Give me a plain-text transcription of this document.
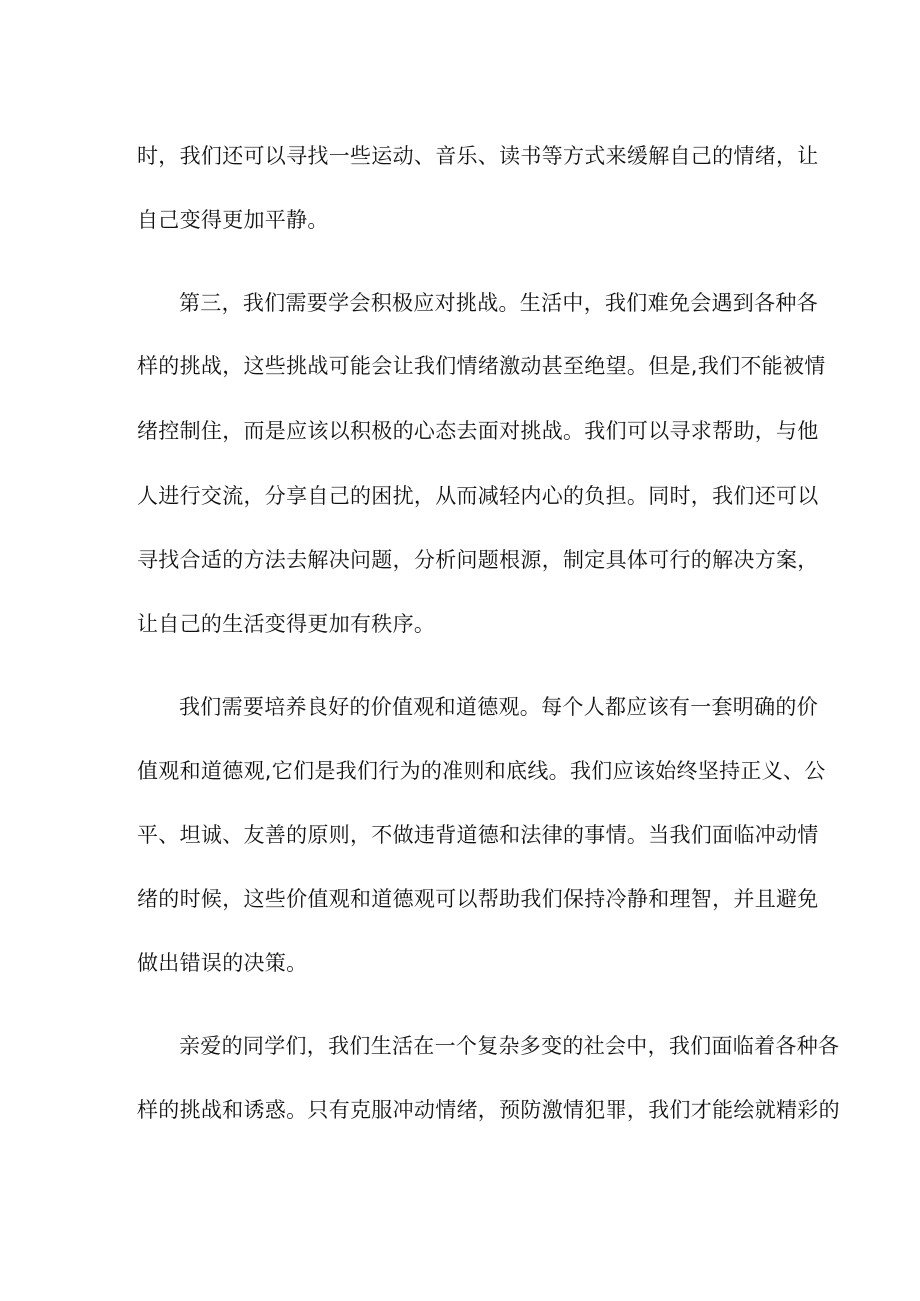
时，我们还可以寻找一些运动、音乐、读书等方式来缓解自己的情绪，让
自己变得更加平静。
第三，我们需要学会积极应对挑战。生活中，我们难免会遇到各种各
样的挑战，这些挑战可能会让我们情绪激动甚至绝望。但是,我们不能被情
绪控制住，而是应该以积极的心态去面对挑战。我们可以寻求帮助，与他
人进行交流，分享自己的困扰，从而减轻内心的负担。同时，我们还可以
寻找合适的方法去解决问题，分析问题根源，制定具体可行的解决方案，
让自己的生活变得更加有秩序。
我们需要培养良好的价值观和道德观。每个人都应该有一套明确的价
值观和道德观,它们是我们行为的准则和底线。我们应该始终坚持正义、公
平、坦诚、友善的原则，不做违背道德和法律的事情。当我们面临冲动情
绪的时候，这些价值观和道德观可以帮助我们保持冷静和理智，并且避免
做出错误的决策。
亲爱的同学们，我们生活在一个复杂多变的社会中，我们面临着各种各
样的挑战和诱惑。只有克服冲动情绪，预防激情犯罪，我们才能绘就精彩的
